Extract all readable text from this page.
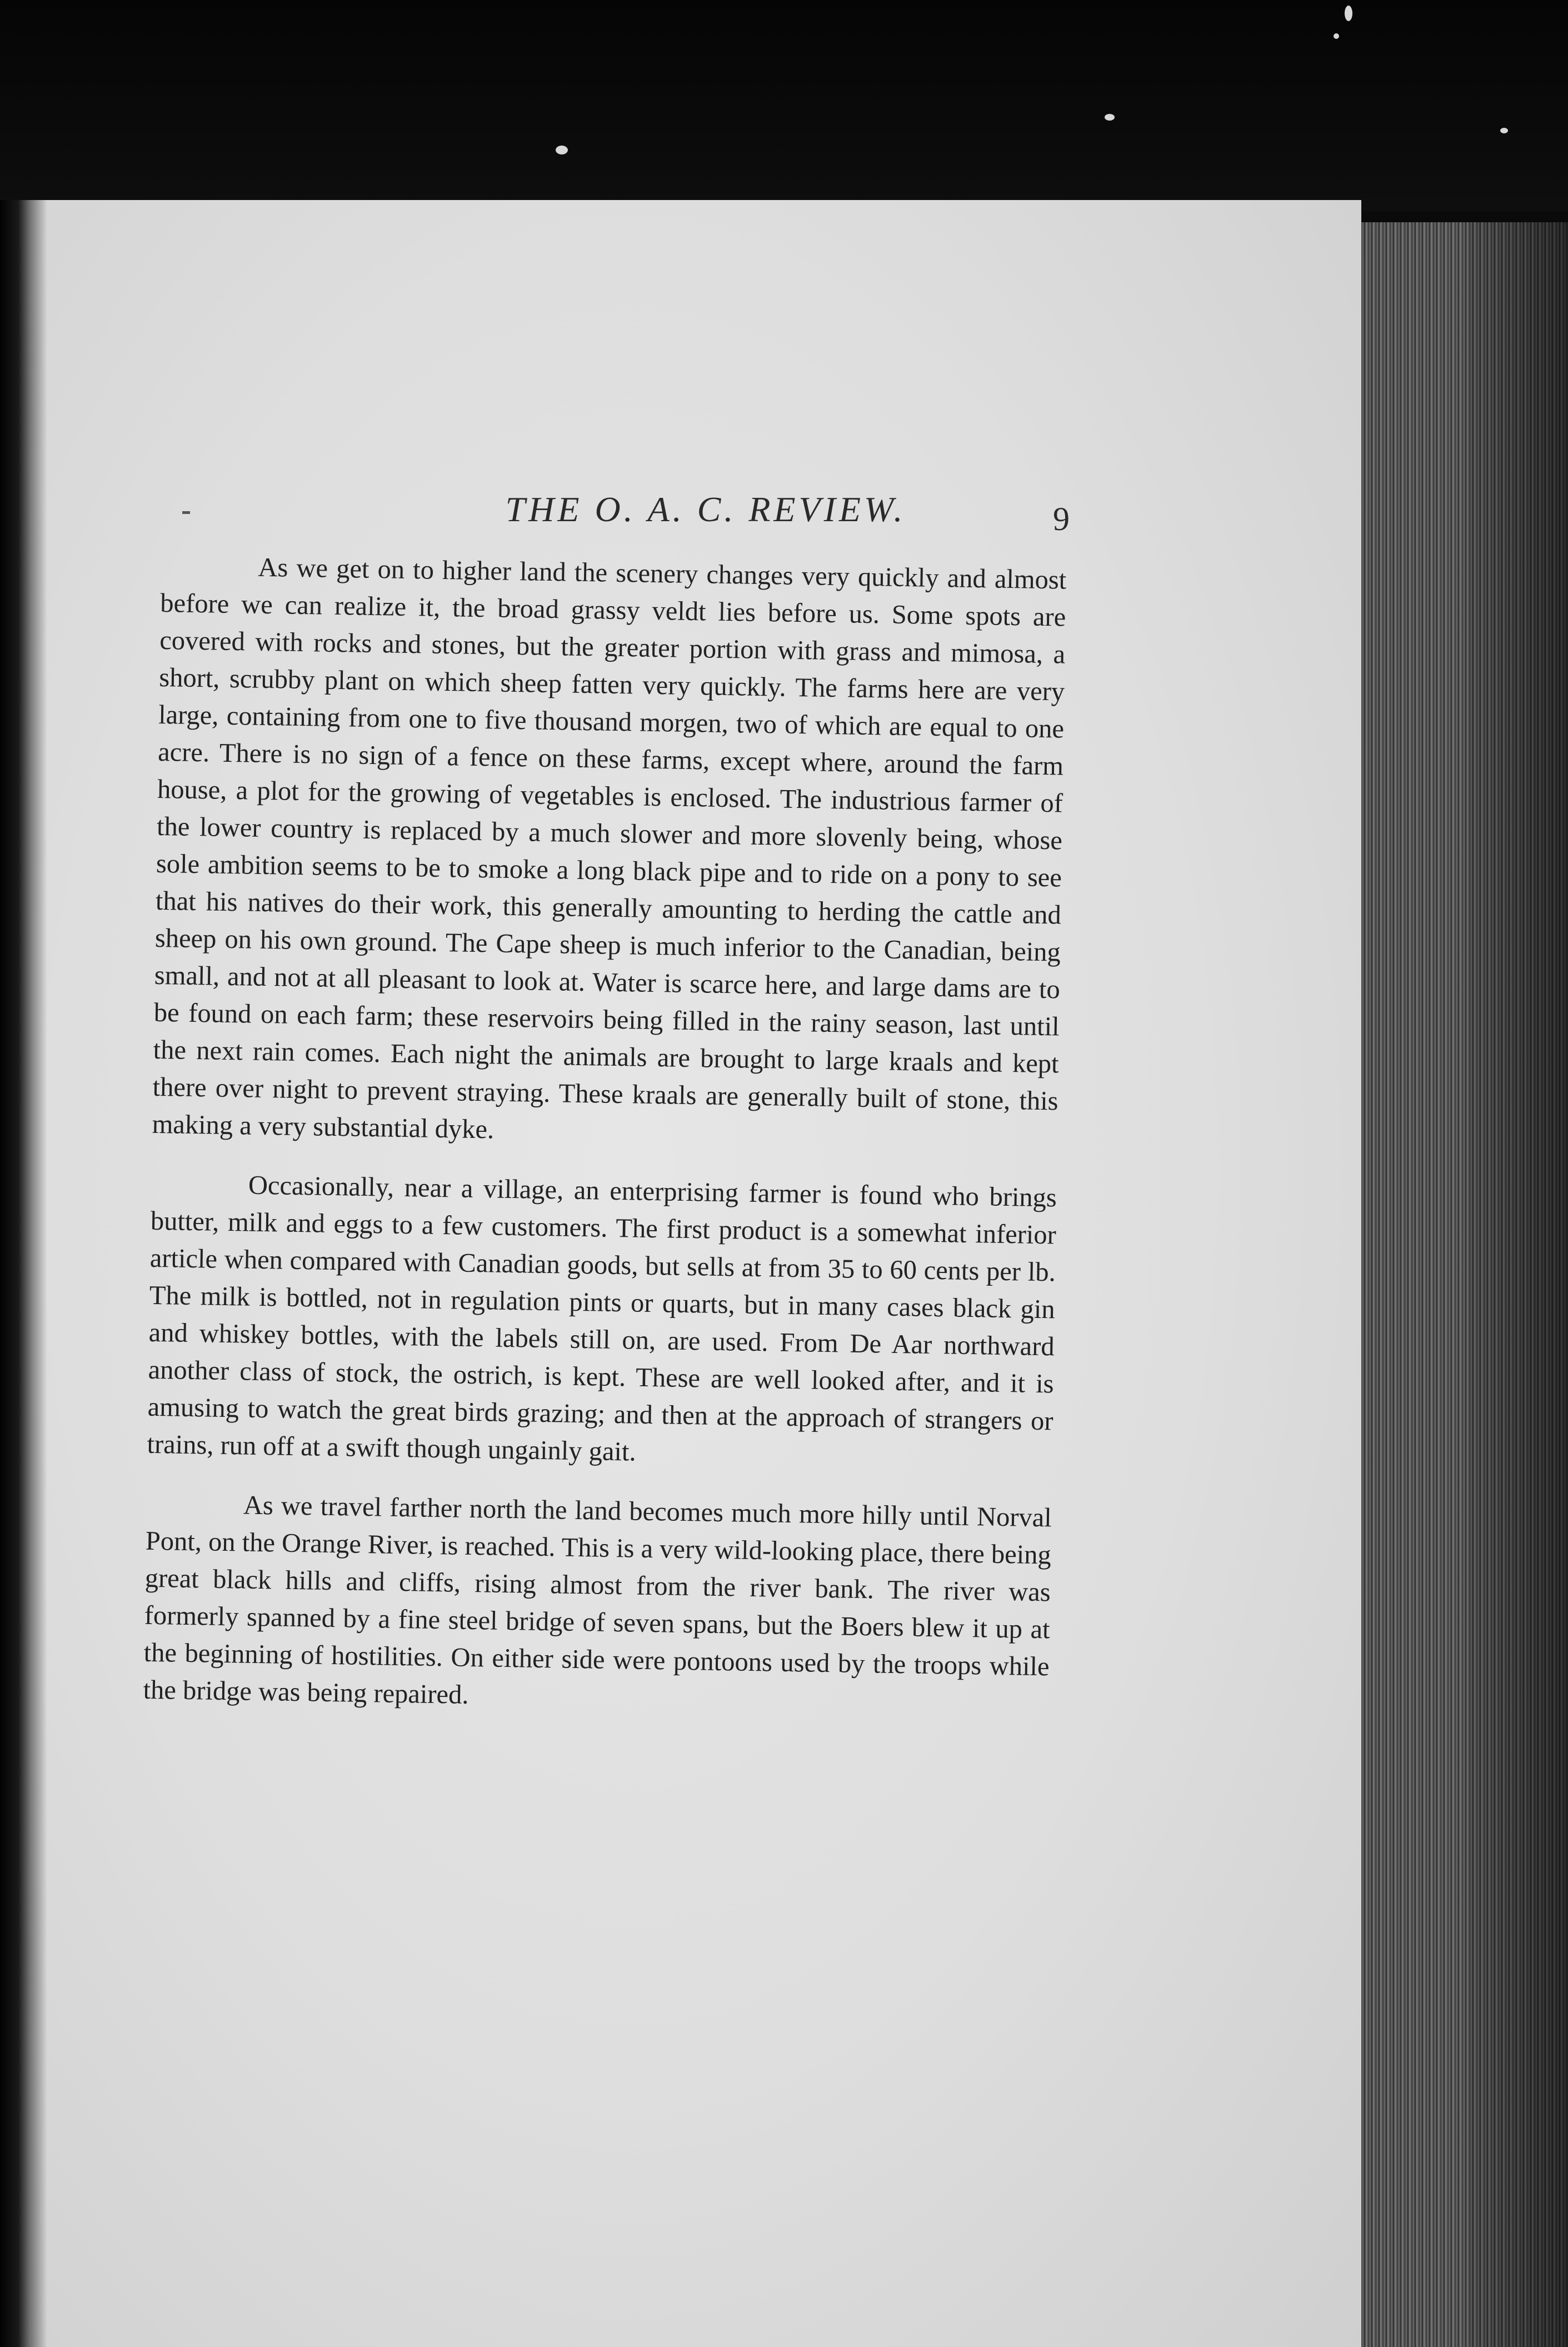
THE O. A. C. REVIEW.	9

As we get on to higher land the scenery changes very quickly and almost before we can realize it, the broad grassy veldt lies before us. Some spots are covered with rocks and stones, but the greater portion with grass and mimosa, a short, scrubby plant on which sheep fatten very quickly. The farms here are very large, containing from one to five thousand morgen, two of which are equal to one acre. There is no sign of a fence on these farms, except where, around the farm house, a plot for the growing of vegetables is enclosed. The industrious farmer of the lower country is replaced by a much slower and more slovenly being, whose sole ambition seems to be to smoke a long black pipe and to ride on a pony to see that his natives do their work, this generally amounting to herding the cattle and sheep on his own ground. The Cape sheep is much inferior to the Canadian, being small, and not at all pleasant to look at. Water is scarce here, and large dams are to be found on each farm; these reservoirs being filled in the rainy season, last until the next rain comes. Each night the animals are brought to large kraals and kept there over night to prevent straying. These kraals are generally built of stone, this making a very substantial dyke.

Occasionally, near a village, an enterprising farmer is found who brings butter, milk and eggs to a few customers. The first product is a somewhat inferior article when compared with Canadian goods, but sells at from 35 to 60 cents per lb. The milk is bottled, not in regulation pints or quarts, but in many cases black gin and whiskey bottles, with the labels still on, are used. From De Aar northward another class of stock, the ostrich, is kept. These are well looked after, and it is amusing to watch the great birds grazing; and then at the approach of strangers or trains, run off at a swift though ungainly gait.

As we travel farther north the land becomes much more hilly until Norval Pont, on the Orange River, is reached. This is a very wild-looking place, there being great black hills and cliffs, rising almost from the river bank. The river was formerly spanned by a fine steel bridge of seven spans, but the Boers blew it up at the beginning of hostilities. On either side were pontoons used by the troops while the bridge was being repaired.
